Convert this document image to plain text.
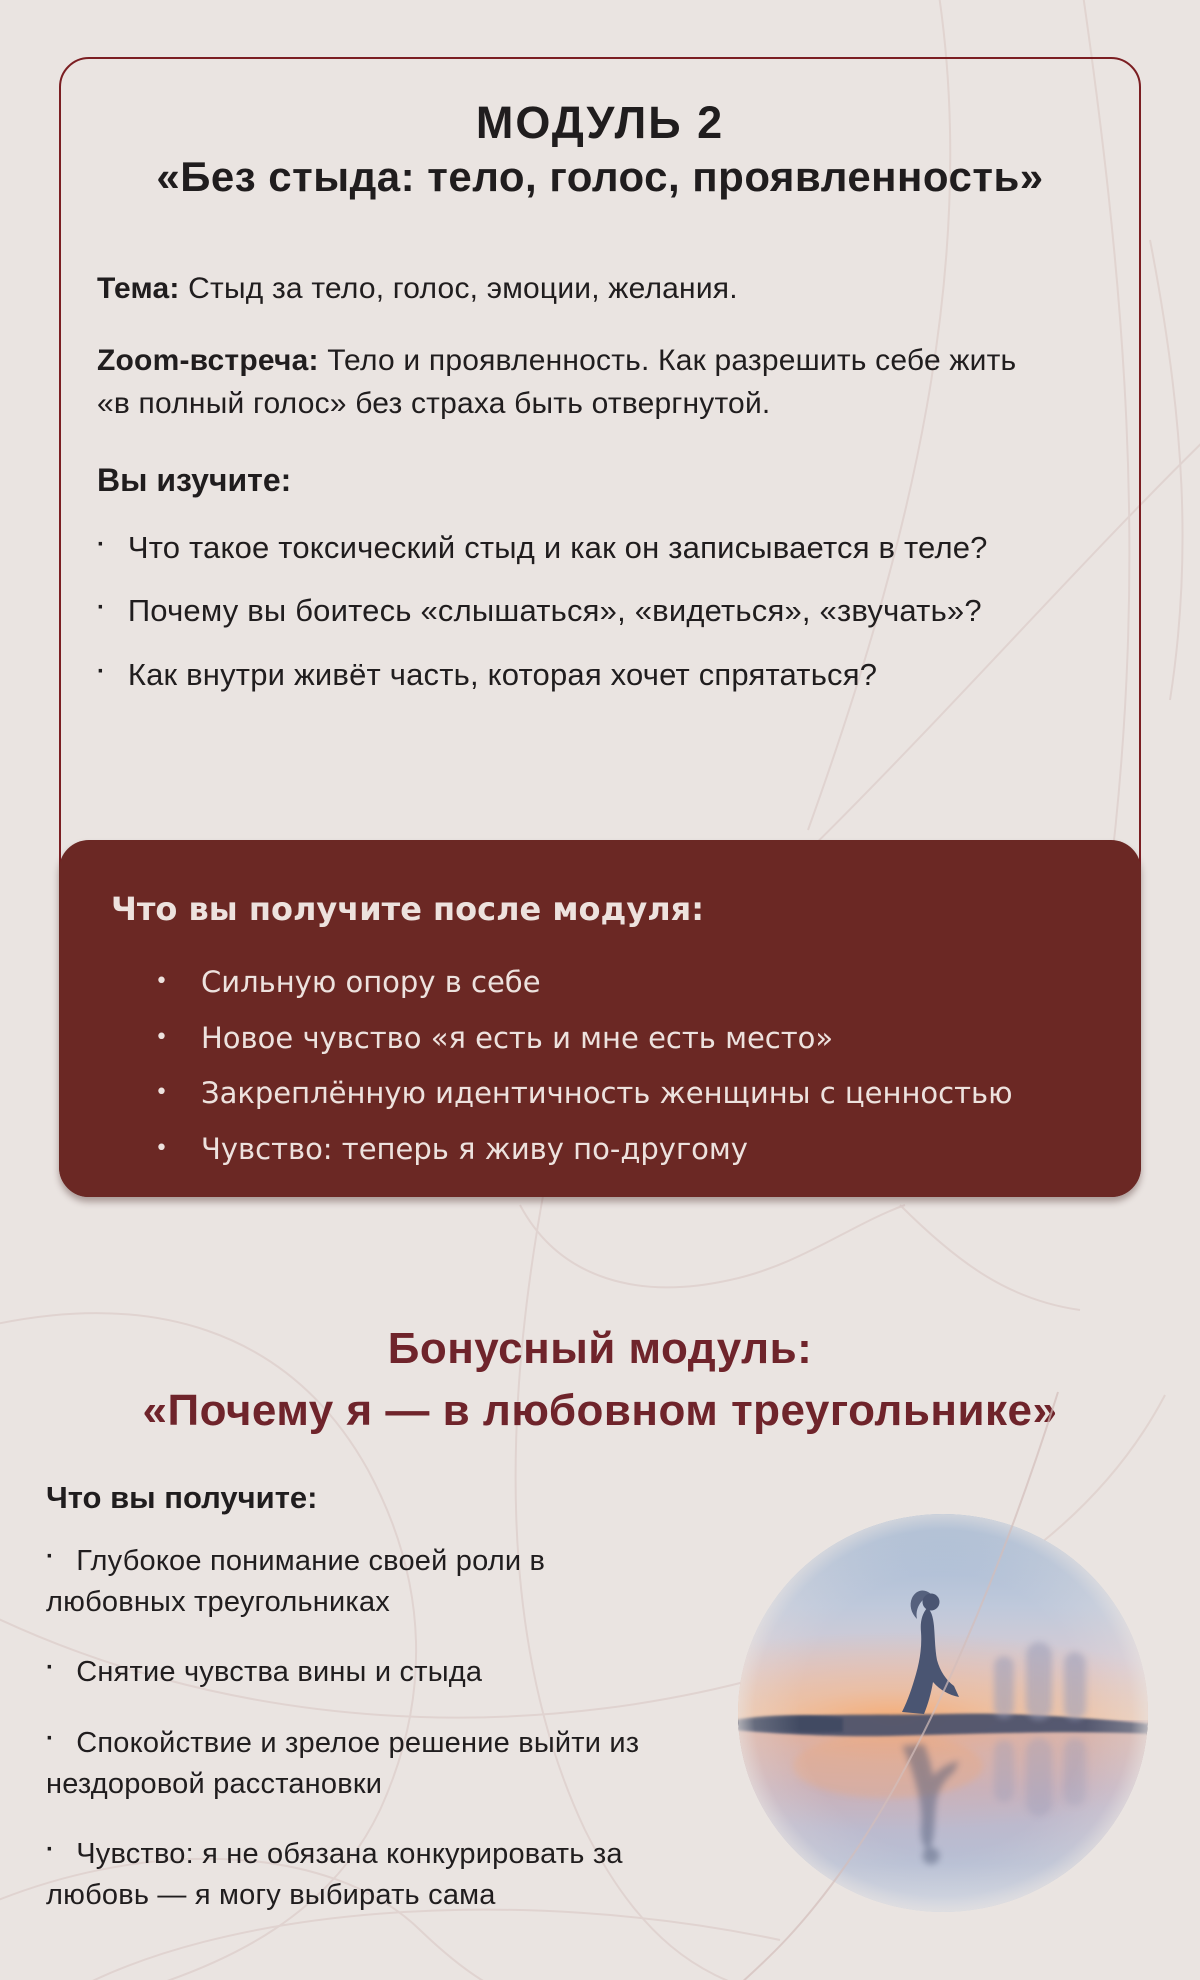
МОДУЛЬ 2
«Без стыда: тело, голос, проявленность»

Тема: Стыд за тело, голос, эмоции, желания.

Zoom-встреча: Тело и проявленность. Как разрешить себе жить «в полный голос» без страха быть отвергнутой.

Вы изучите:

· Что такое токсический стыд и как он записывается в теле?
· Почему вы боитесь «слышаться», «видеться», «звучать»?
· Как внутри живёт часть, которая хочет спрятаться?

Что вы получите после модуля:

•	Сильную опору в себе
•	Новое чувство «я есть и мне есть место»
•	Закреплённую идентичность женщины с ценностью
•	Чувство: теперь я живу по-другому
Бонусный модуль:
«Почему я — в любовном треугольнике»

Что вы получите:

· Глубокое понимание своей роли в любовных треугольниках

· Снятие чувства вины и стыда

· Спокойствие и зрелое решение выйти из нездоровой расстановки

· Чувство: я не обязана конкурировать за любовь — я могу выбирать сама
